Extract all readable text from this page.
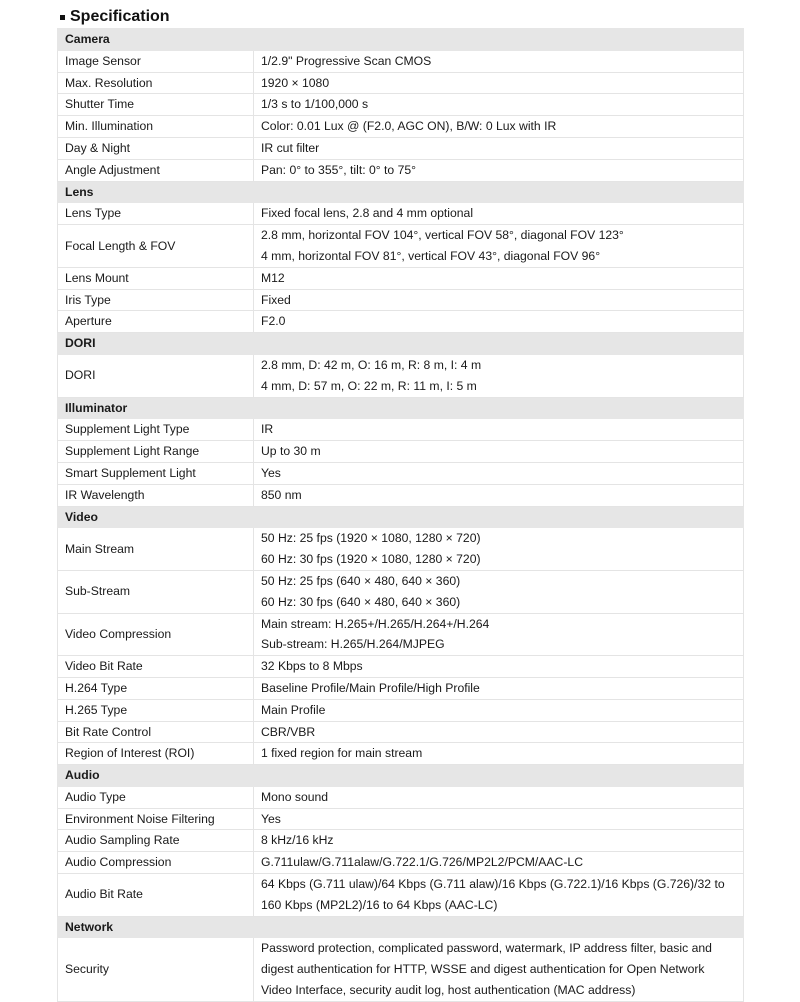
Specification
Camera	
Image Sensor	1/2.9" Progressive Scan CMOS

Max. Resolution	1920 × 1080

Shutter Time	1/3 s to 1/100,000 s

Min. Illumination	Color: 0.01 Lux @ (F2.0, AGC ON), B/W: 0 Lux with IR

Day & Night	IR cut filter

Angle Adjustment	Pan: 0° to 355°, tilt: 0° to 75°

Lens	
Lens Type	Fixed focal lens, 2.8 and 4 mm optional

Focal Length & FOV	2.8 mm, horizontal FOV 104°, vertical FOV 58°, diagonal FOV 123°
4 mm, horizontal FOV 81°, vertical FOV 43°, diagonal FOV 96°

Lens Mount	M12

Iris Type	Fixed

Aperture	F2.0

DORI	
DORI	2.8 mm, D: 42 m, O: 16 m, R: 8 m, I: 4 m
4 mm, D: 57 m, O: 22 m, R: 11 m, I: 5 m

Illuminator	
Supplement Light Type	IR

Supplement Light Range	Up to 30 m

Smart Supplement Light	Yes

IR Wavelength	850 nm

Video	
Main Stream	50 Hz: 25 fps (1920 × 1080, 1280 × 720)
60 Hz: 30 fps (1920 × 1080, 1280 × 720)

Sub-Stream	50 Hz: 25 fps (640 × 480, 640 × 360)
60 Hz: 30 fps (640 × 480, 640 × 360)

Video Compression	Main stream: H.265+/H.265/H.264+/H.264
Sub-stream: H.265/H.264/MJPEG

Video Bit Rate	32 Kbps to 8 Mbps

H.264 Type	Baseline Profile/Main Profile/High Profile

H.265 Type	Main Profile

Bit Rate Control	CBR/VBR

Region of Interest (ROI)	1 fixed region for main stream

Audio	
Audio Type	Mono sound

Environment Noise Filtering	Yes

Audio Sampling Rate	8 kHz/16 kHz

Audio Compression	G.711ulaw/G.711alaw/G.722.1/G.726/MP2L2/PCM/AAC-LC

Audio Bit Rate	64 Kbps (G.711 ulaw)/64 Kbps (G.711 alaw)/16 Kbps (G.722.1)/16 Kbps (G.726)/32 to
160 Kbps (MP2L2)/16 to 64 Kbps (AAC-LC)

Network	
Security	Password protection, complicated password, watermark, IP address filter, basic and
digest authentication for HTTP, WSSE and digest authentication for Open Network
Video Interface, security audit log, host authentication (MAC address)
